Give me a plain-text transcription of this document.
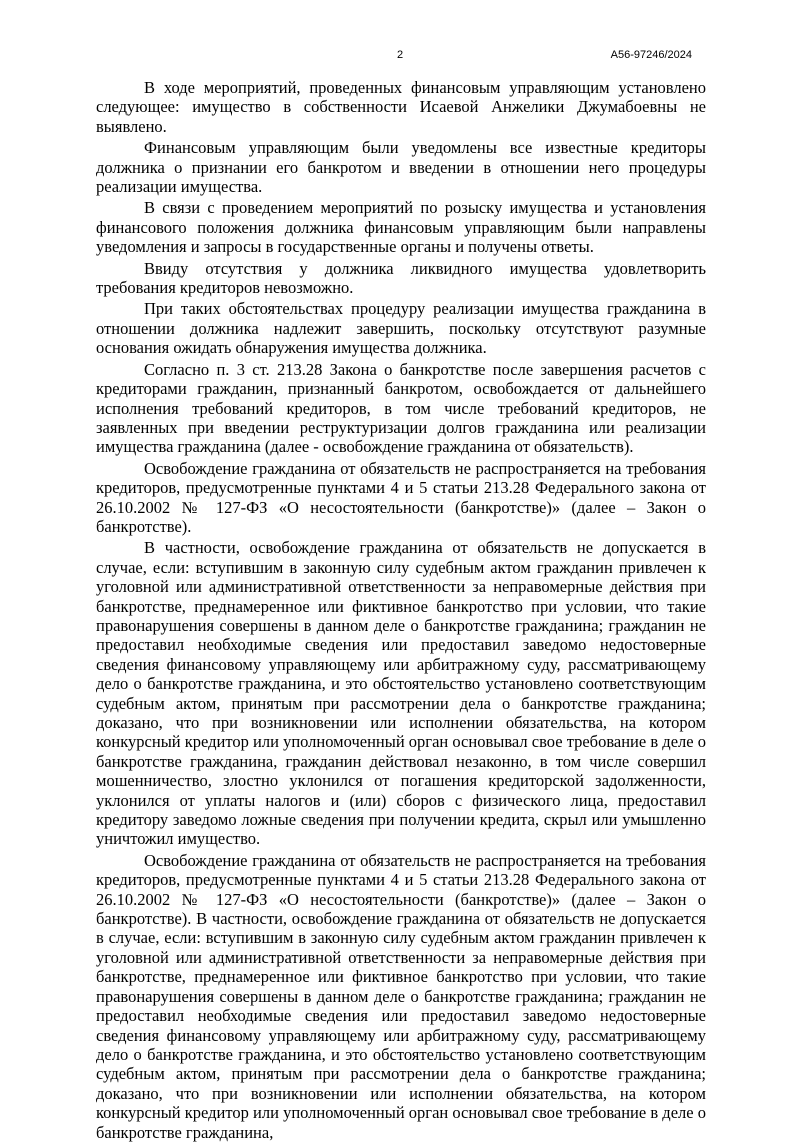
2	А56-97246/2024

В ходе мероприятий, проведенных финансовым управляющим установлено следующее: имущество в собственности Исаевой Анжелики Джумабоевны не выявлено.

Финансовым управляющим были уведомлены все известные кредиторы должника о признании его банкротом и введении в отношении него процедуры реализации имущества.

В связи с проведением мероприятий по розыску имущества и установления финансового положения должника финансовым управляющим были направлены уведомления и запросы в государственные органы и получены ответы.

Ввиду отсутствия у должника ликвидного имущества удовлетворить требования кредиторов невозможно.

При таких обстоятельствах процедуру реализации имущества гражданина в отношении должника надлежит завершить, поскольку отсутствуют разумные основания ожидать обнаружения имущества должника.

Согласно п. 3 ст. 213.28 Закона о банкротстве после завершения расчетов с кредиторами гражданин, признанный банкротом, освобождается от дальнейшего исполнения требований кредиторов, в том числе требований кредиторов, не заявленных при введении реструктуризации долгов гражданина или реализации имущества гражданина (далее - освобождение гражданина от обязательств).

Освобождение гражданина от обязательств не распространяется на требования кредиторов, предусмотренные пунктами 4 и 5 статьи 213.28 Федерального закона от 26.10.2002 № 127-ФЗ «О несостоятельности (банкротстве)» (далее – Закон о банкротстве).

В частности, освобождение гражданина от обязательств не допускается в случае, если: вступившим в законную силу судебным актом гражданин привлечен к уголовной или административной ответственности за неправомерные действия при банкротстве, преднамеренное или фиктивное банкротство при условии, что такие правонарушения совершены в данном деле о банкротстве гражданина; гражданин не предоставил необходимые сведения или предоставил заведомо недостоверные сведения финансовому управляющему или арбитражному суду, рассматривающему дело о банкротстве гражданина, и это обстоятельство установлено соответствующим судебным актом, принятым при рассмотрении дела о банкротстве гражданина; доказано, что при возникновении или исполнении обязательства, на котором конкурсный кредитор или уполномоченный орган основывал свое требование в деле о банкротстве гражданина, гражданин действовал незаконно, в том числе совершил мошенничество, злостно уклонился от погашения кредиторской задолженности, уклонился от уплаты налогов и (или) сборов с физического лица, предоставил кредитору заведомо ложные сведения при получении кредита, скрыл или умышленно уничтожил имущество.

Освобождение гражданина от обязательств не распространяется на требования кредиторов, предусмотренные пунктами 4 и 5 статьи 213.28 Федерального закона от 26.10.2002 № 127-ФЗ «О несостоятельности (банкротстве)» (далее – Закон о банкротстве). В частности, освобождение гражданина от обязательств не допускается в случае, если: вступившим в законную силу судебным актом гражданин привлечен к уголовной или административной ответственности за неправомерные действия при банкротстве, преднамеренное или фиктивное банкротство при условии, что такие правонарушения совершены в данном деле о банкротстве гражданина; гражданин не предоставил необходимые сведения или предоставил заведомо недостоверные сведения финансовому управляющему или арбитражному суду, рассматривающему дело о банкротстве гражданина, и это обстоятельство установлено соответствующим судебным актом, принятым при рассмотрении дела о банкротстве гражданина; доказано, что при возникновении или исполнении обязательства, на котором конкурсный кредитор или уполномоченный орган основывал свое требование в деле о банкротстве гражданина,
